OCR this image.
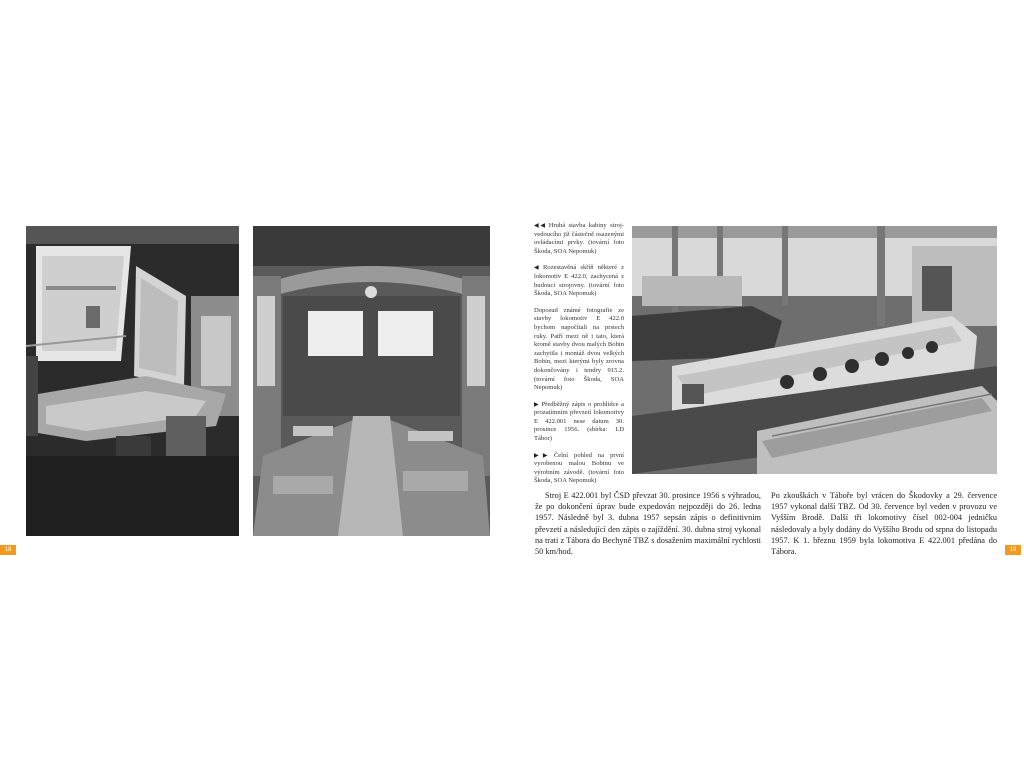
◀◀ Hrubá stavba kabiny stroj-vedoucího již částečně osazenými ovládacími prvky. (tovární foto Škoda, SOA Nepomuk)

◀ Rozestavěná skříň některé z lokomotiv E 422.0, zachycená z budoucí strojovny. (tovární foto Škoda, SOA Nepomuk)

Doposud známé fotografie ze stavby lokomotiv E 422.0 bychom napočítali na prstech ruky. Patří mezi ně i tato, která kromě stavby dvou malých Bobin zachytila i montáž dvou velkých Bobin, mezi kterými byly zrovna dokončovány i tendry 915.2. (tovární foto Škoda, SOA Nepomuk)

▶ Předběžný zápis o prohlídce a prozatímním převzetí lokomotivy E 422.001 nese datum 30. prosince 1956. (sbírka: LD Tábor)

▶▶ Čelní pohled na první vyrobenou malou Bobinu ve výrobním závodě. (tovární foto Škoda, SOA Nepomuk)

Stroj E 422.001 byl ČSD převzat 30. prosince 1956 s výhradou, že po dokončení úprav bude expedován nejpozději do 26. ledna 1957. Následně byl 3. dubna 1957 sepsán zápis o definitivním převzetí a následující den zápis o zajíždění. 30. dubna stroj vykonal na trati z Tábora do Bechyně TBZ s dosažením maximální rychlosti 50 km/hod.

Po zkouškách v Táboře byl vrácen do Škodovky a 29. července 1957 vykonal další TBZ. Od 30. července byl veden v provozu ve Vyšším Brodě. Další tři lokomotivy čísel 002-004 jedničku následovaly a byly dodány do Vyššího Brodu od srpna do listopadu 1957. K 1. březnu 1959 byla lokomotiva E 422.001 předána do Tábora.

18	19
